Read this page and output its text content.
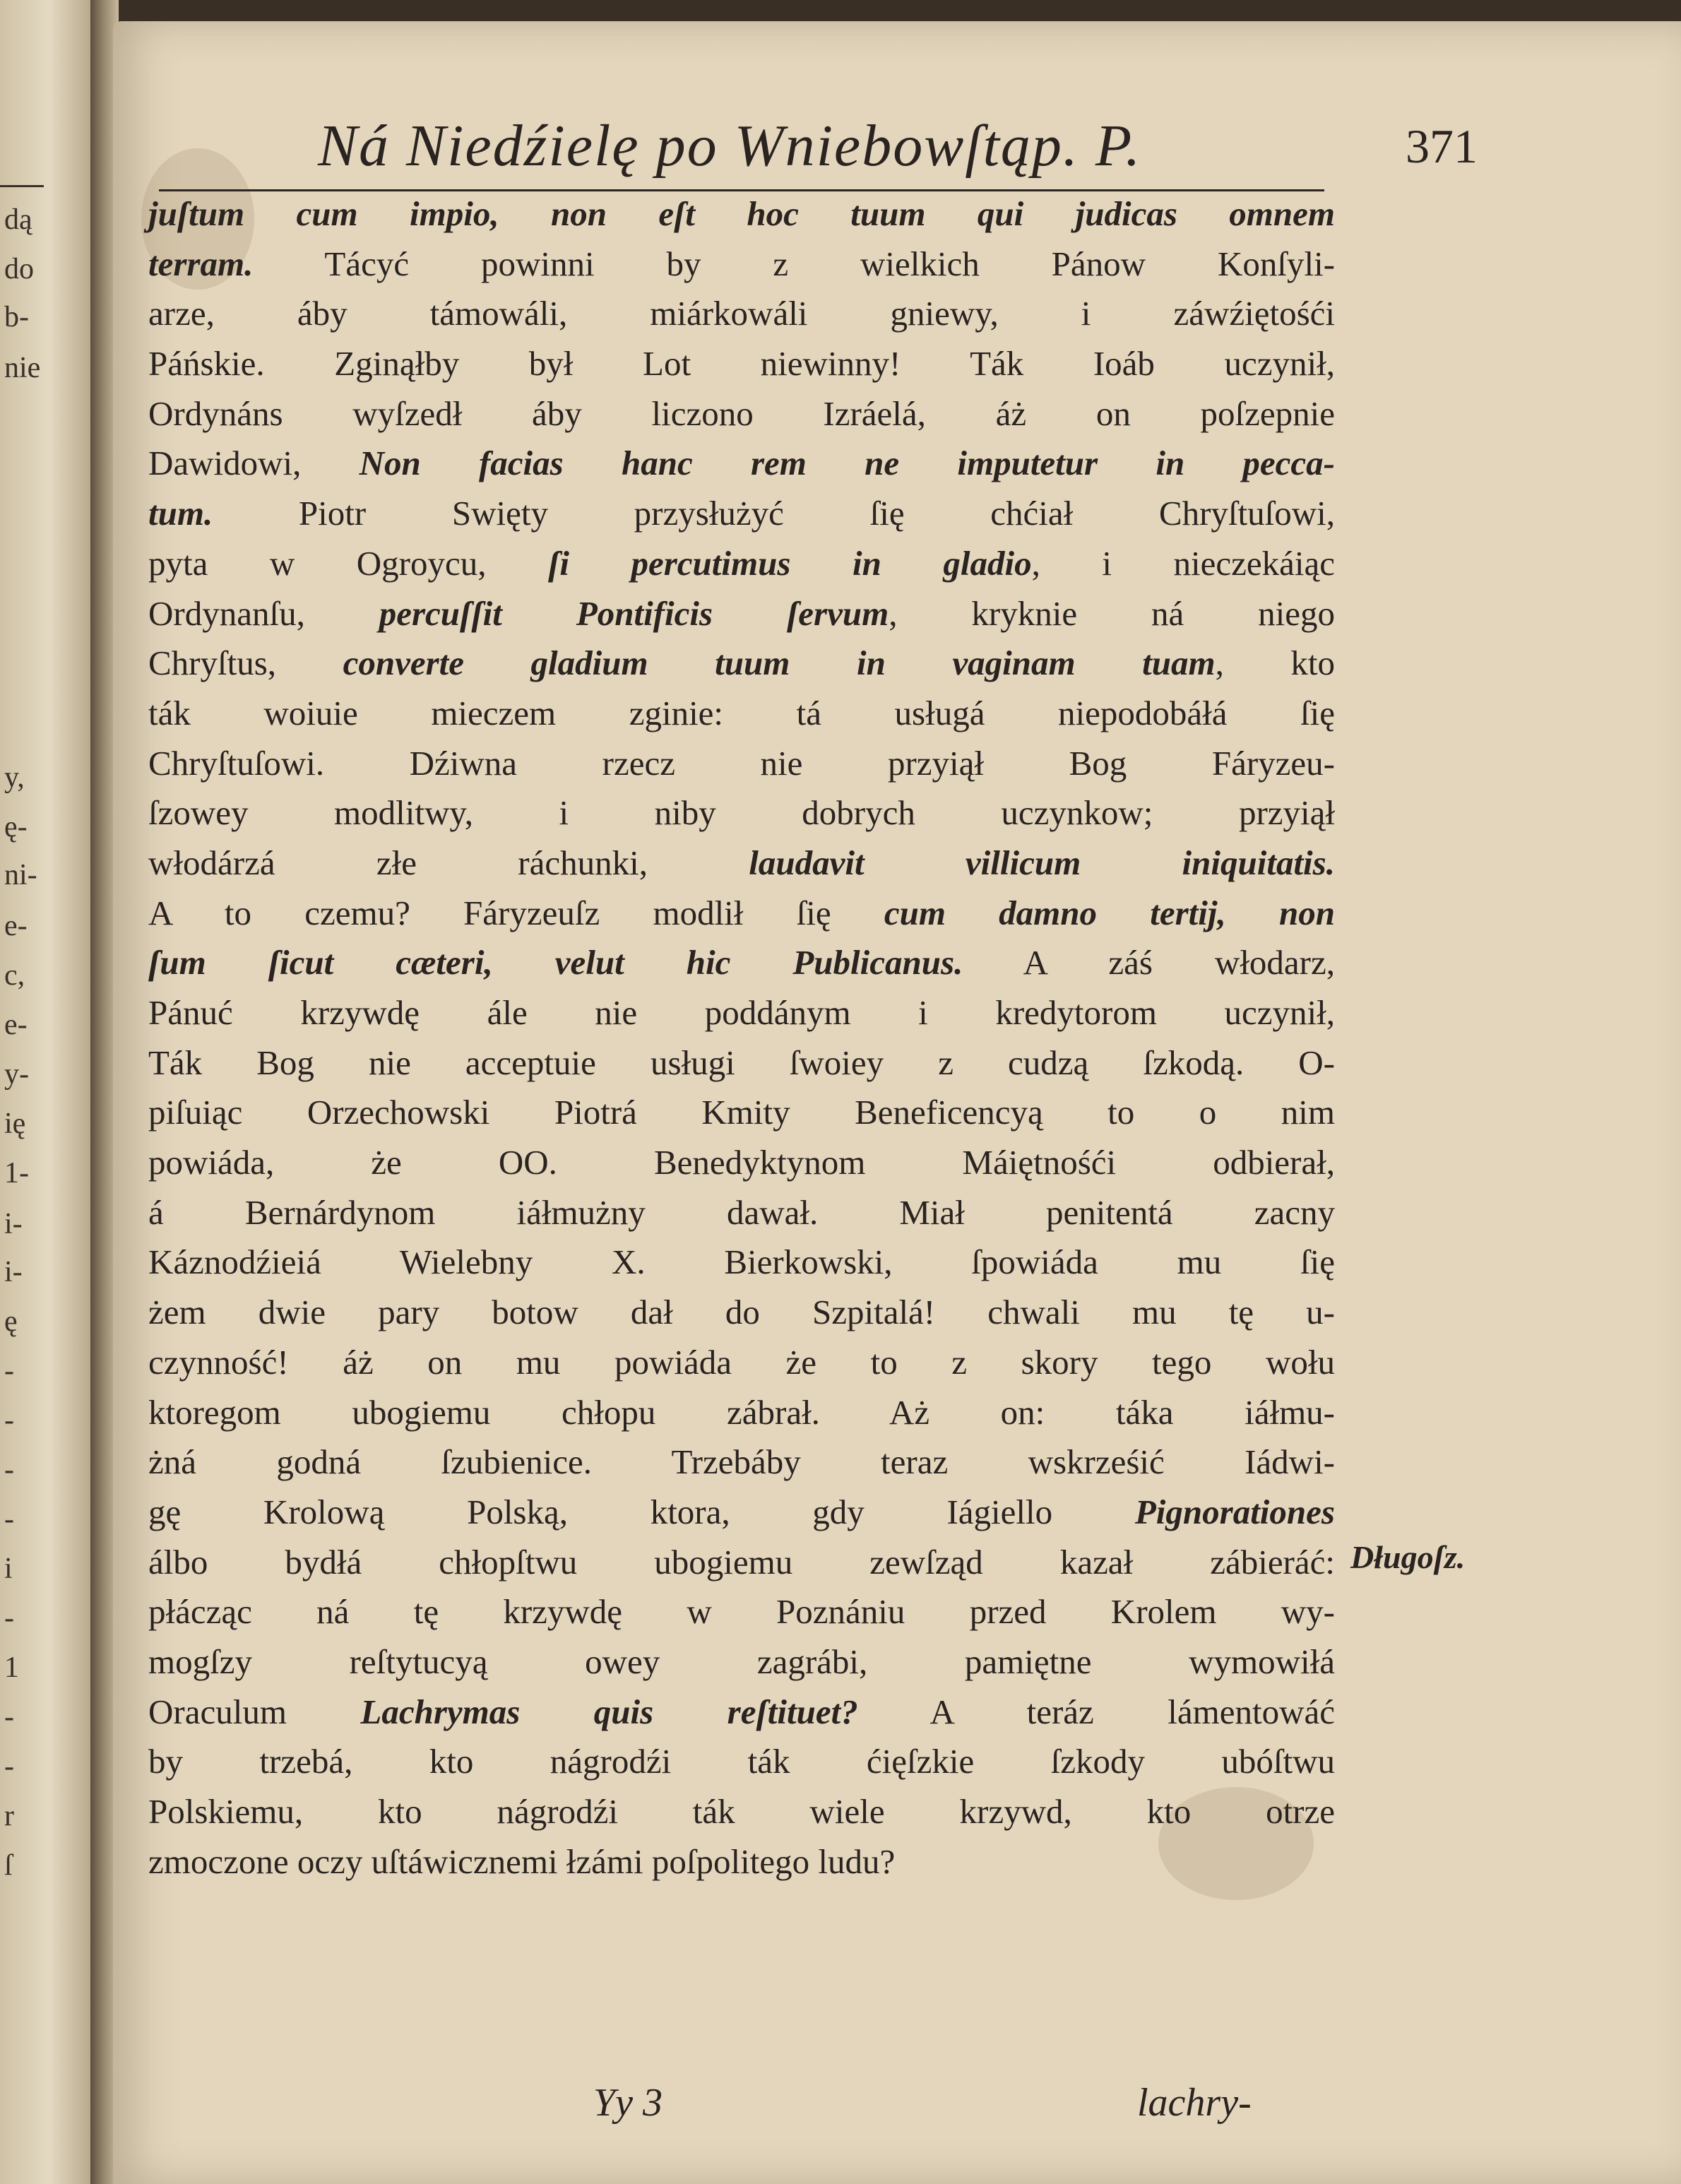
dą
do
b-
nie
y,
ę-
ni-
e-
c,
e-
y-
ię
1-
i-
i-
ę
-
-
-
-
i
-
1
-
-
r
ſ
Ná Niedźielę po Wniebowſtąp. P.	371
juſtum cum impio, non eſt hoc tuum qui judicas omnem
terram. Tácyć powinni by z wielkich Pánow Konſyli-
arze, áby támowáli, miárkowáli gniewy, i záwźiętośći
Páńskie. Zginąłby był Lot niewinny! Ták Ioáb uczynił,
Ordynáns wyſzedł áby liczono Izráelá, áż on poſzepnie
Dawidowi, Non facias hanc rem ne imputetur in pecca-
tum. Piotr Swięty przysłużyć ſię chćiał Chryſtuſowi,
pyta w Ogroycu, ſi percutimus in gladio, i nieczekáiąc
Ordynanſu, percuſſit Pontificis ſervum, kryknie ná niego
Chryſtus, converte gladium tuum in vaginam tuam, kto
ták woiuie mieczem zginie: tá usługá niepodobáłá ſię
Chryſtuſowi. Dźiwna rzecz nie przyiął Bog Fáryzeu-
ſzowey modlitwy, i niby dobrych uczynkow; przyiął
włodárzá złe ráchunki, laudavit villicum iniquitatis.
A to czemu? Fáryzeuſz modlił ſię cum damno tertij, non
ſum ſicut cæteri, velut hic Publicanus. A záś włodarz,
Pánuć krzywdę ále nie poddánym i kredytorom uczynił,
Ták Bog nie acceptuie usługi ſwoiey z cudzą ſzkodą. O-
piſuiąc Orzechowski Piotrá Kmity Beneficencyą to o nim
powiáda, że OO. Benedyktynom Máiętnośći odbierał,
á Bernárdynom iáłmużny dawał. Miał penitentá zacny
Káznodźieiá Wielebny X. Bierkowski, ſpowiáda mu ſię
żem dwie pary botow dał do Szpitalá! chwali mu tę u-
czynność! áż on mu powiáda że to z skory tego wołu
ktoregom ubogiemu chłopu zábrał. Aż on: táka iáłmu-
żná godná ſzubienice. Trzebáby teraz wskrześić Iádwi-
gę Krolową Polską, ktora, gdy Iágiello Pignorationes
álbo bydłá chłopſtwu ubogiemu zewſząd kazał zábieráć:
płácząc ná tę krzywdę w Poznániu przed Krolem wy-
mogſzy reſtytucyą owey zagrábi, pamiętne wymowiłá
Oraculum Lachrymas quis reſtituet? A teráz lámentowáć
by trzebá, kto nágrodźi ták ćięſzkie ſzkody ubóſtwu
Polskiemu, kto nágrodźi ták wiele krzywd, kto otrze
zmoczone oczy uſtáwicznemi łzámi poſpolitego ludu?
Długoſz.
Yy 3	lachry-
